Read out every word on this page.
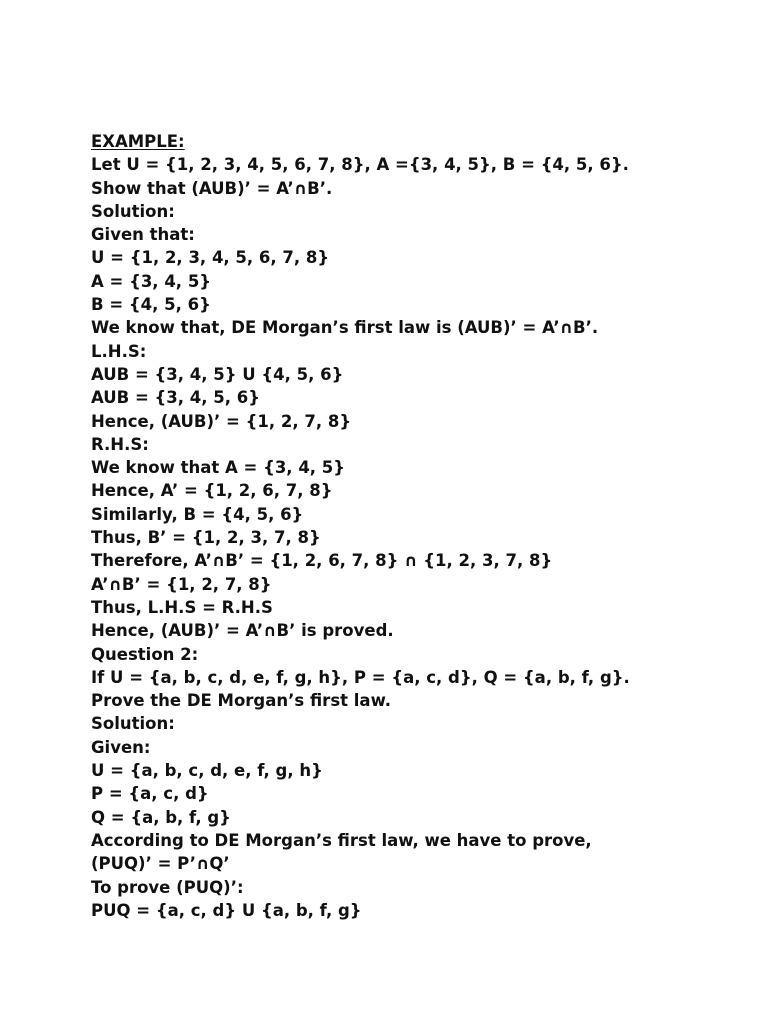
EXAMPLE:
Let U = {1, 2, 3, 4, 5, 6, 7, 8}, A ={3, 4, 5}, B = {4, 5, 6}.
Show that (AUB)’ = A’∩B’.
Solution:
Given that:
U = {1, 2, 3, 4, 5, 6, 7, 8}
A = {3, 4, 5}
B = {4, 5, 6}
We know that, DE Morgan’s first law is (AUB)’ = A’∩B’.
L.H.S:
AUB = {3, 4, 5} U {4, 5, 6}
AUB = {3, 4, 5, 6}
Hence, (AUB)’ = {1, 2, 7, 8}
R.H.S:
We know that A = {3, 4, 5}
Hence, A’ = {1, 2, 6, 7, 8}
Similarly, B = {4, 5, 6}
Thus, B’ = {1, 2, 3, 7, 8}
Therefore, A’∩B’ = {1, 2, 6, 7, 8} ∩ {1, 2, 3, 7, 8}
A’∩B’ = {1, 2, 7, 8}
Thus, L.H.S = R.H.S
Hence, (AUB)’ = A’∩B’ is proved.
Question 2:
If U = {a, b, c, d, e, f, g, h}, P = {a, c, d}, Q = {a, b, f, g}.
Prove the DE Morgan’s first law.
Solution:
Given:
U = {a, b, c, d, e, f, g, h}
P = {a, c, d}
Q = {a, b, f, g}
According to DE Morgan’s first law, we have to prove,
(PUQ)’ = P’∩Q’
To prove (PUQ)’:
PUQ = {a, c, d} U {a, b, f, g}
